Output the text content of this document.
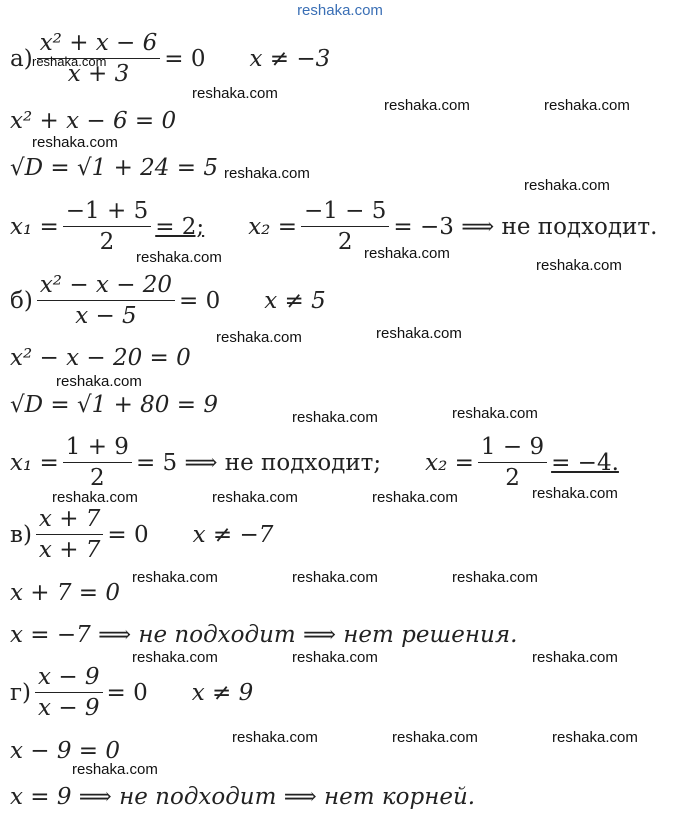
reshaka.com
$а) \frac{\text{x² + x − 6}}{x + 3} = 0$ x ≠ −3
x² + x − 6 = 0
√D = √1 + 24 = 5
$x_1 = \frac{-1 + 5}{2} = 2$; $x_2 = \frac{-1 - 5}{2} = -3$ ⟹ не подходит.
$б) \frac{\text{x² − x − 20}}{x - 5} = 0$ x ≠ 5
x² − x − 20 = 0
√D = √1 + 80 = 9
$x_1 = \frac{1 + 9}{2} = 5$ ⟹ не подходит; $x_2 = \frac{1 - 9}{2} = -4$.
$в) \frac{x + 7}{x + 7} = 0$ x ≠ −7
x + 7 = 0
x = −7 ⟹ не подходит ⟹ нет решения.
$г) \frac{x - 9}{x - 9} = 0$ x ≠ 9
x − 9 = 0
x = 9 ⟹ не подходит ⟹ нет корней.
reshaka.com
reshaka.com
reshaka.com	reshaka.com
reshaka.com
reshaka.com
reshaka.com
reshaka.com	reshaka.com
reshaka.com
reshaka.com	reshaka.com
reshaka.com
reshaka.com	reshaka.com
reshaka.com	reshaka.com	reshaka.com	reshaka.com
reshaka.com	reshaka.com	reshaka.com
reshaka.com	reshaka.com	reshaka.com
reshaka.com	reshaka.com	reshaka.com
reshaka.com
